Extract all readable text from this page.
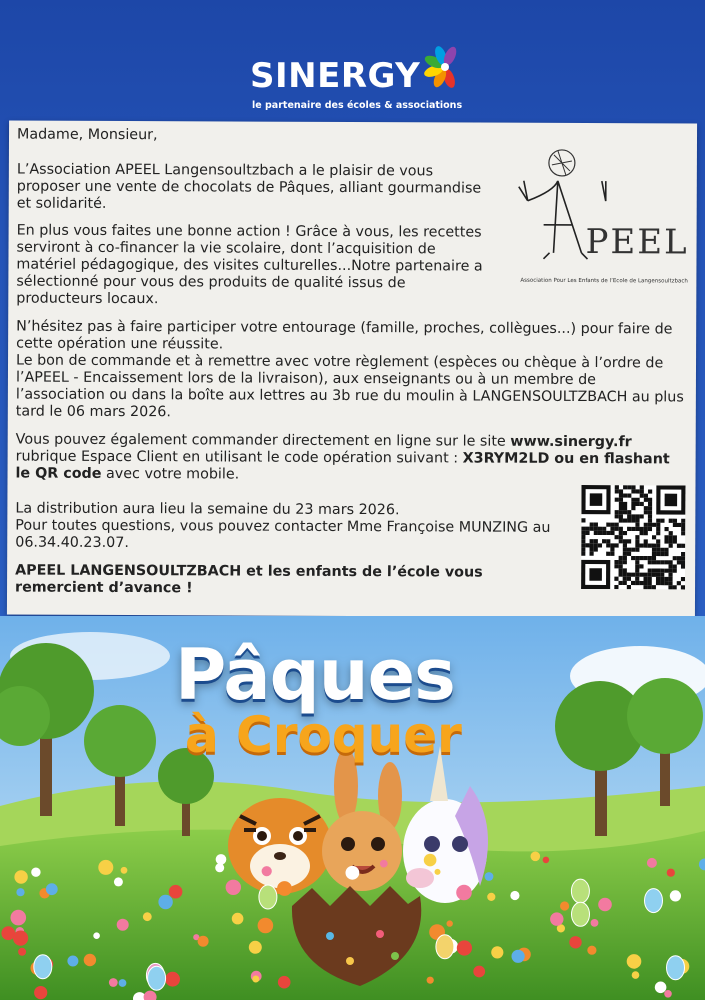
SINERGY
le partenaire des écoles & associations

Madame, Monsieur,

L’Association APEEL Langensoultzbach a le plaisir de vous proposer une vente de chocolats de Pâques, alliant gourmandise et solidarité.

En plus vous faites une bonne action ! Grâce à vous, les recettes serviront à co-financer la vie scolaire, dont l’acquisition de matériel pédagogique, des visites culturelles...Notre partenaire a sélectionné pour vous des produits de qualité issus de producteurs locaux.

N’hésitez pas à faire participer votre entourage (famille, proches, collègues...) pour faire de cette opération une réussite.

Le bon de commande et à remettre avec votre règlement (espèces ou chèque à l’ordre de l’APEEL - Encaissement lors de la livraison), aux enseignants ou à un membre de l’association ou dans la boîte aux lettres au 3b rue du moulin à LANGENSOULTZBACH au plus tard le 06 mars 2026.

Vous pouvez également commander directement en ligne sur le site www.sinergy.fr rubrique Espace Client en utilisant le code opération suivant : X3RYM2LD ou en flashant le QR code avec votre mobile.

La distribution aura lieu la semaine du 23 mars 2026.

Pour toutes questions, vous pouvez contacter Mme Françoise MUNZING au 06.34.40.23.07.

APEEL LANGENSOULTZBACH et les enfants de l’école vous remercient d’avance !

PEEL
Association Pour Les Enfants de l’Ecole de Langensoultzbach
Pâques
à Croquer
